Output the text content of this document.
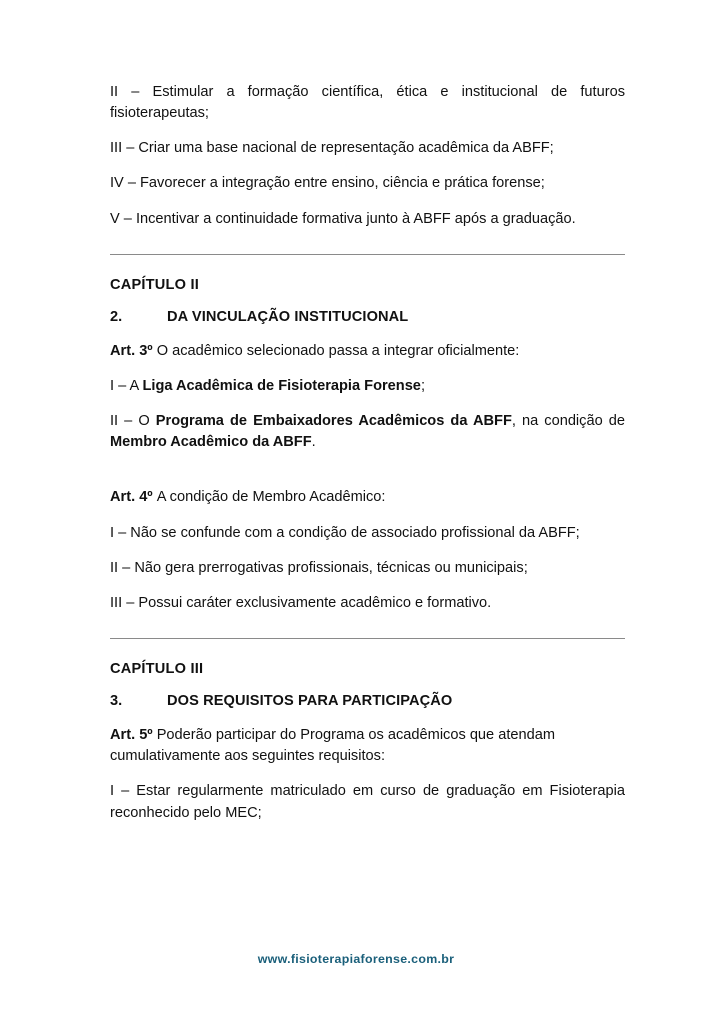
II – Estimular a formação científica, ética e institucional de futuros fisioterapeutas;

III – Criar uma base nacional de representação acadêmica da ABFF;

IV – Favorecer a integração entre ensino, ciência e prática forense;

V – Incentivar a continuidade formativa junto à ABFF após a graduação.

CAPÍTULO II
2.	DA VINCULAÇÃO INSTITUCIONAL

Art. 3º O acadêmico selecionado passa a integrar oficialmente:

I – A Liga Acadêmica de Fisioterapia Forense;

II – O Programa de Embaixadores Acadêmicos da ABFF, na condição de Membro Acadêmico da ABFF.

Art. 4º A condição de Membro Acadêmico:

I – Não se confunde com a condição de associado profissional da ABFF;

II – Não gera prerrogativas profissionais, técnicas ou municipais;

III – Possui caráter exclusivamente acadêmico e formativo.

CAPÍTULO III
3.	DOS REQUISITOS PARA PARTICIPAÇÃO

Art. 5º Poderão participar do Programa os acadêmicos que atendam cumulativamente aos seguintes requisitos:

I – Estar regularmente matriculado em curso de graduação em Fisioterapia reconhecido pelo MEC;

www.fisioterapiaforense.com.br
